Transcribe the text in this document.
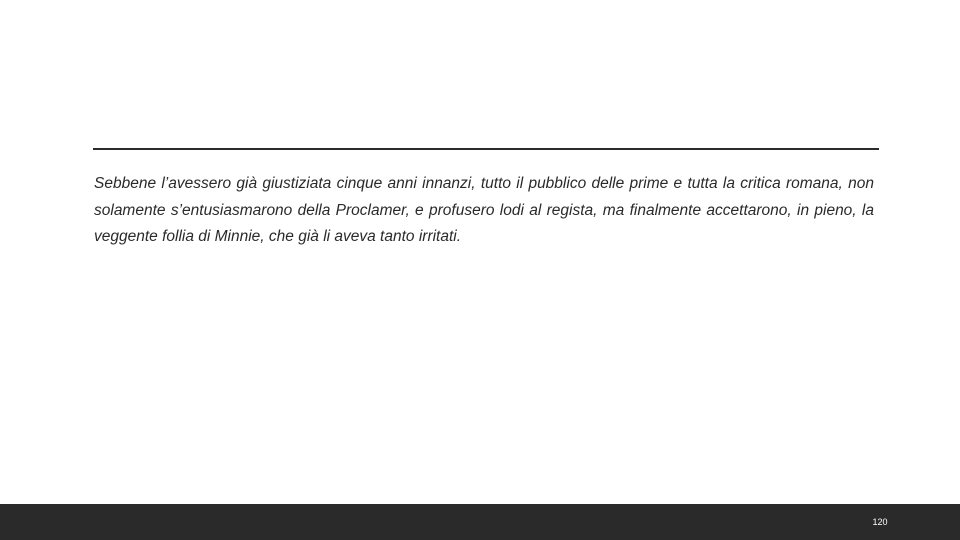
Sebbene l’avessero già giustiziata cinque anni innanzi, tutto il pubblico delle prime e tutta la critica romana, non solamente s’entusiasmarono della Proclamer, e profusero lodi al regista, ma finalmente accettarono, in pieno, la veggente follia di Minnie, che già li aveva tanto irritati.

120
